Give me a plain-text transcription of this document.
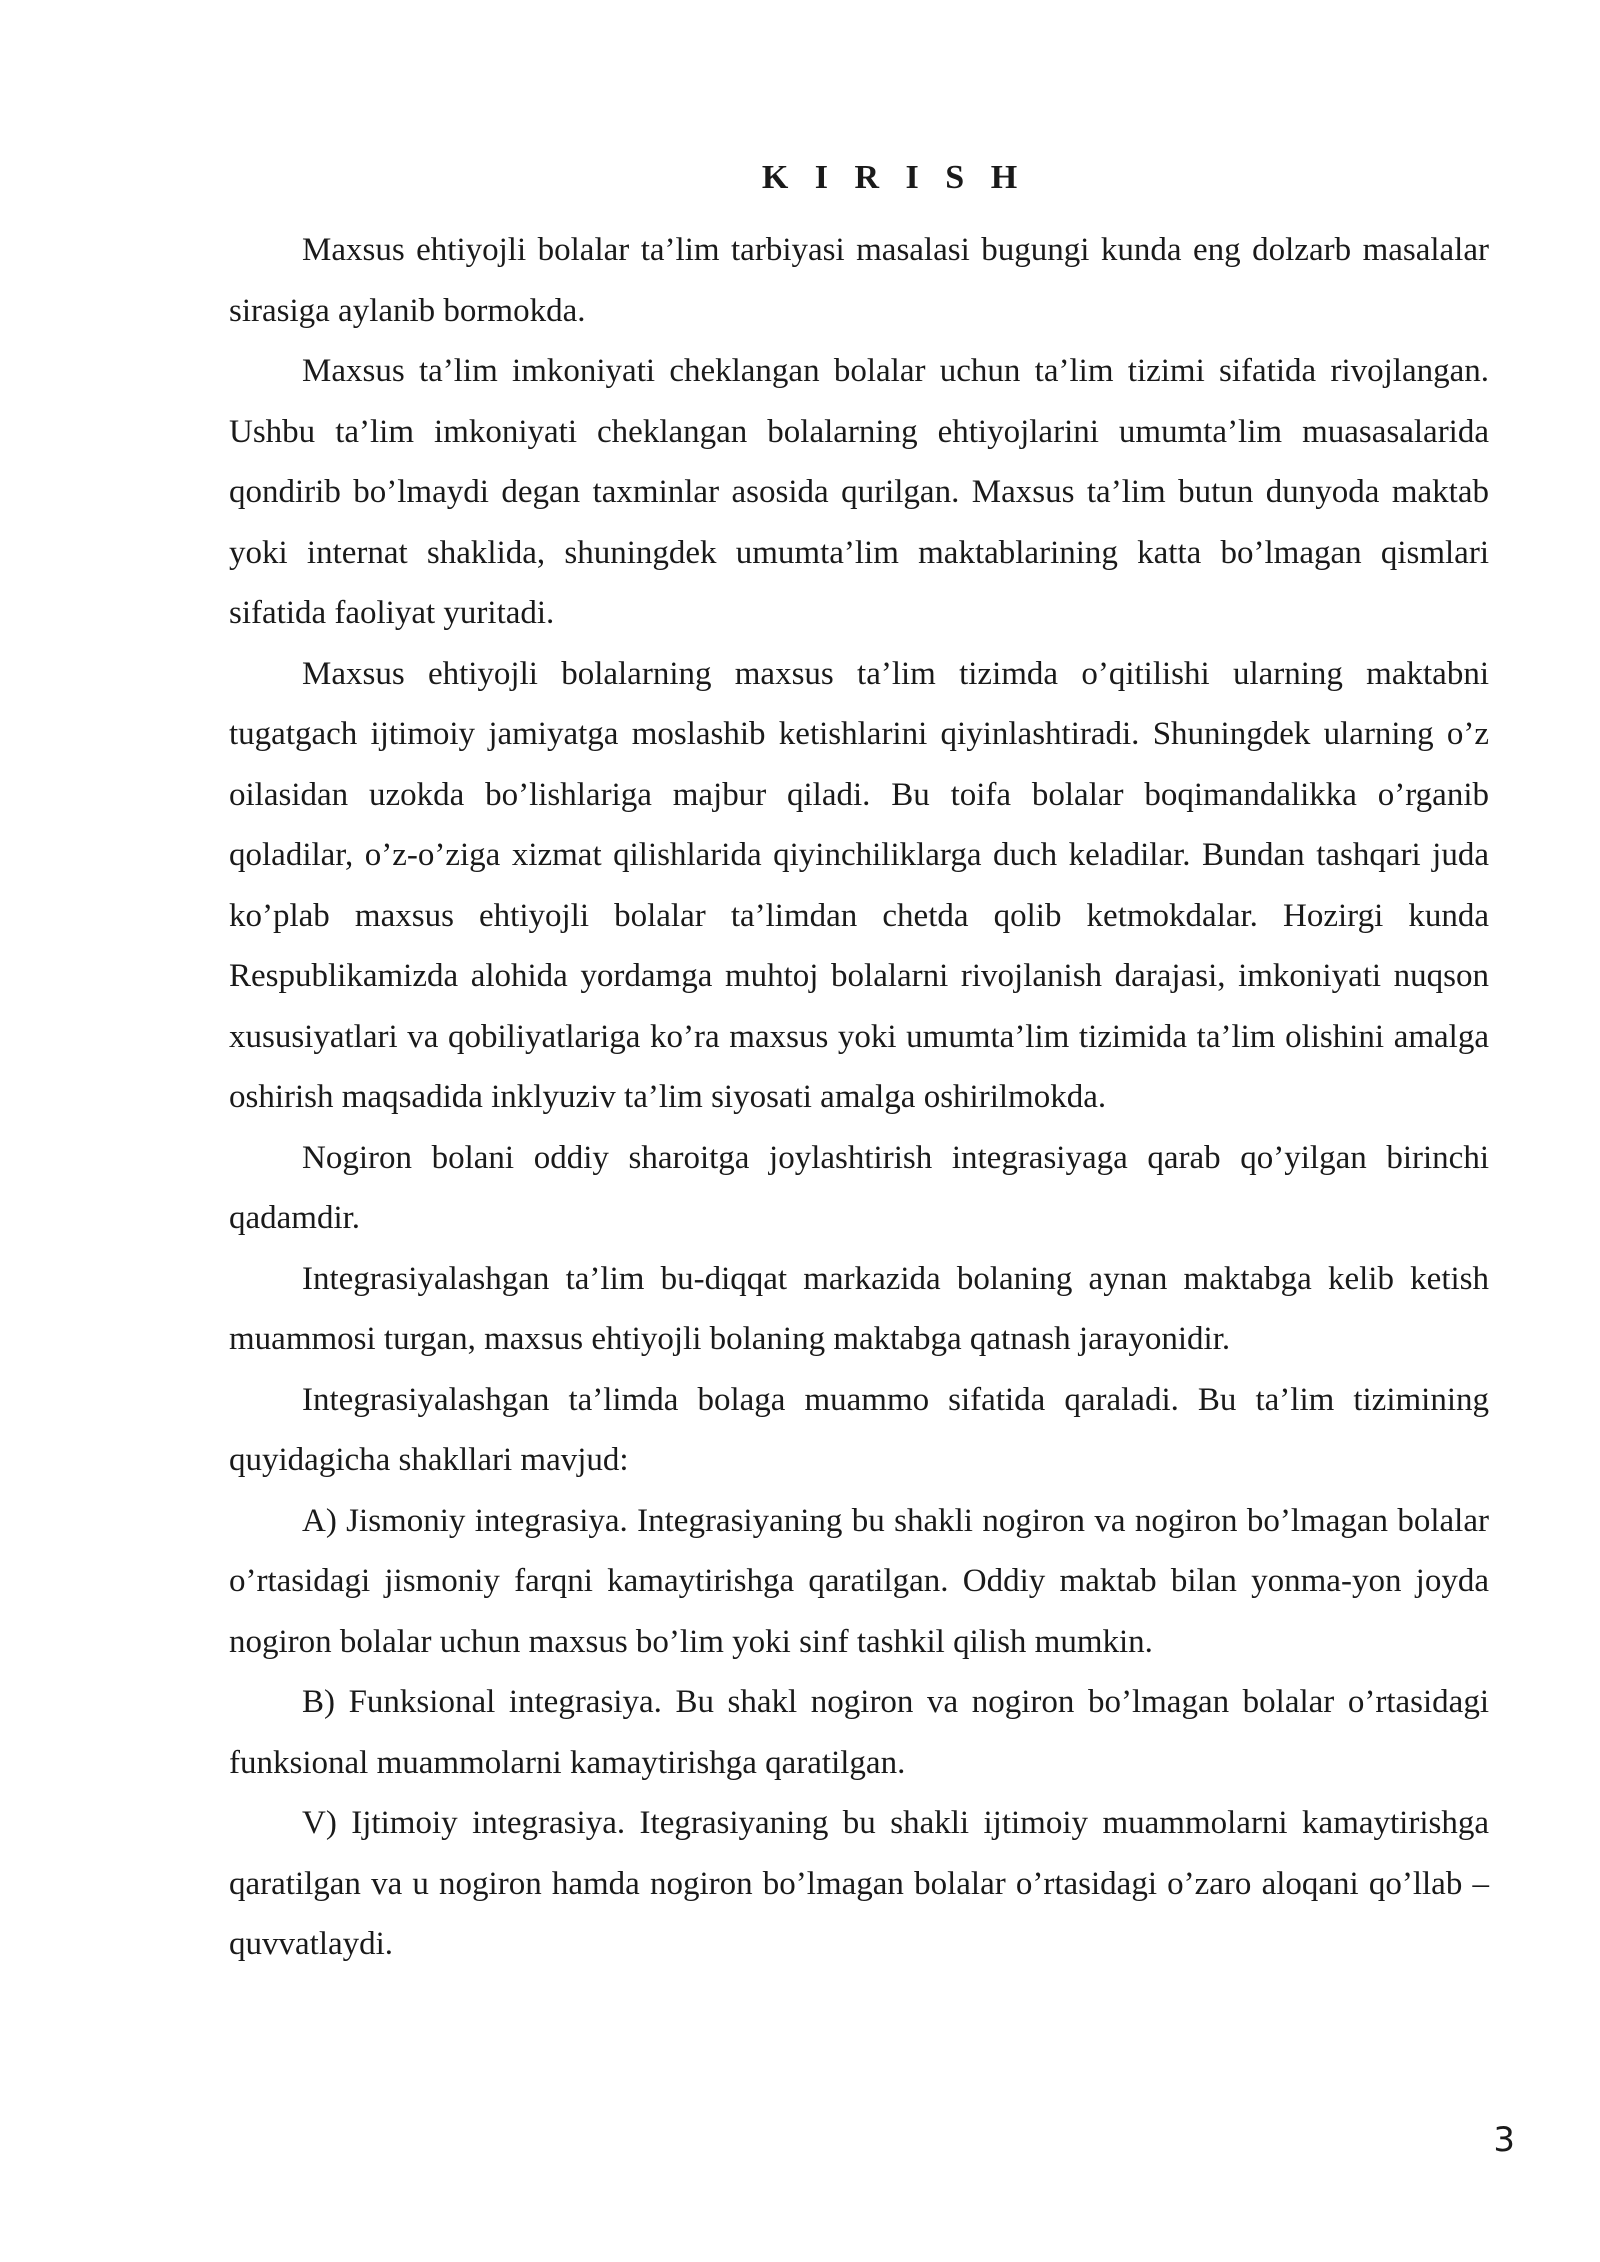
K I R I S H

Maxsus ehtiyojli bolalar ta’lim tarbiyasi masalasi bugungi kunda eng dolzarb masalalar sirasiga aylanib bormokda.

Maxsus ta’lim imkoniyati cheklangan bolalar uchun ta’lim tizimi sifatida rivojlangan. Ushbu ta’lim imkoniyati cheklangan bolalarning ehtiyojlarini umumta’lim muasasalarida qondirib bo’lmaydi degan taxminlar asosida qurilgan. Maxsus ta’lim butun dunyoda maktab yoki internat shaklida, shuningdek umumta’lim maktablarining katta bo’lmagan qismlari sifatida faoliyat yuritadi.

Maxsus ehtiyojli bolalarning maxsus ta’lim tizimda o’qitilishi ularning maktabni tugatgach ijtimoiy jamiyatga moslashib ketishlarini qiyinlashtiradi. Shuningdek ularning o’z oilasidan uzokda bo’lishlariga majbur qiladi. Bu toifa bolalar boqimandalikka o’rganib qoladilar, o’z-o’ziga xizmat qilishlarida qiyinchiliklarga duch keladilar. Bundan tashqari juda ko’plab maxsus ehtiyojli bolalar ta’limdan chetda qolib ketmokdalar. Hozirgi kunda Respublikamizda alohida yordamga muhtoj bolalarni rivojlanish darajasi, imkoniyati nuqson xususiyatlari va qobiliyatlariga ko’ra maxsus yoki umumta’lim tizimida ta’lim olishini amalga oshirish maqsadida inklyuziv ta’lim siyosati amalga oshirilmokda.

Nogiron bolani oddiy sharoitga joylashtirish integrasiyaga qarab qo’yilgan birinchi qadamdir.

Integrasiyalashgan ta’lim bu-diqqat markazida bolaning aynan maktabga kelib ketish muammosi turgan, maxsus ehtiyojli bolaning maktabga qatnash jarayonidir.

Integrasiyalashgan ta’limda bolaga muammo sifatida qaraladi. Bu ta’lim tizimining quyidagicha shakllari mavjud:

A) Jismoniy integrasiya. Integrasiyaning bu shakli nogiron va nogiron bo’lmagan bolalar o’rtasidagi jismoniy farqni kamaytirishga qaratilgan. Oddiy maktab bilan yonma-yon joyda nogiron bolalar uchun maxsus bo’lim yoki sinf tashkil qilish mumkin.

B) Funksional integrasiya. Bu shakl nogiron va nogiron bo’lmagan bolalar o’rtasidagi funksional muammolarni kamaytirishga qaratilgan.

V) Ijtimoiy integrasiya. Itegrasiyaning bu shakli ijtimoiy muammolarni kamaytirishga qaratilgan va u nogiron hamda nogiron bo’lmagan bolalar o’rtasidagi o’zaro aloqani qo’llab – quvvatlaydi.

3
